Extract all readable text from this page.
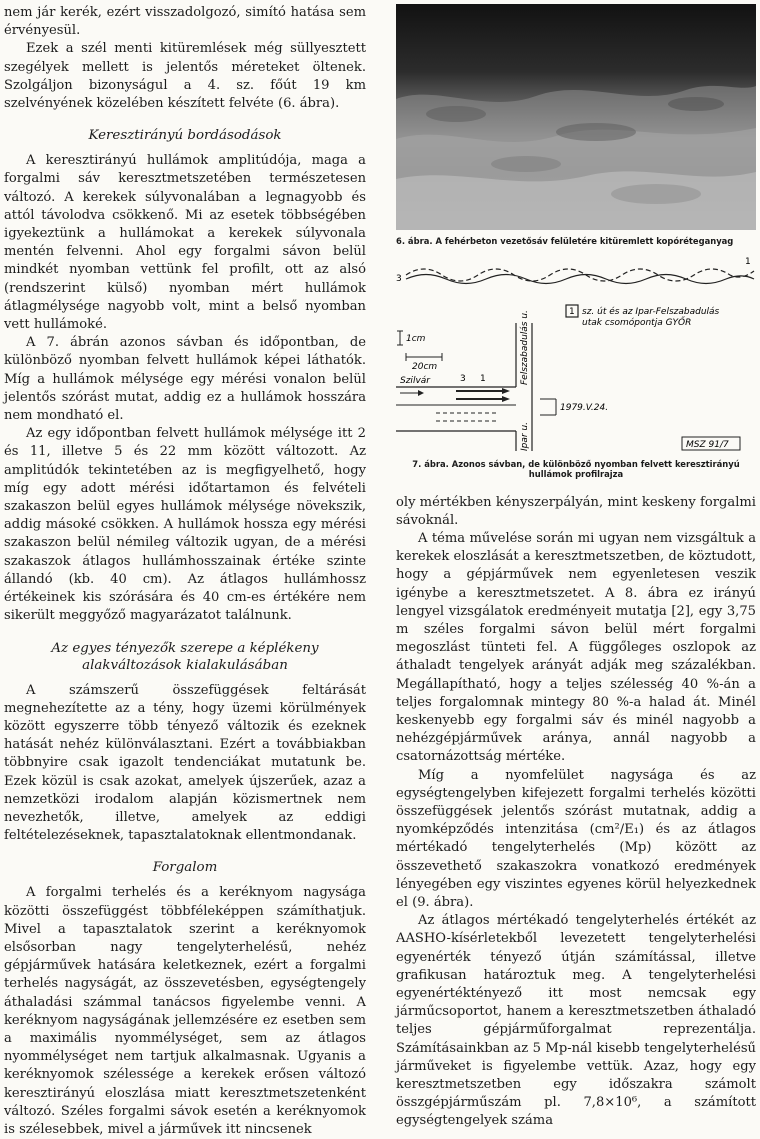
nem jár kerék, ezért visszadolgozó, simító hatása sem érvényesül.

Ezek a szél menti kitüremlések még süllyesztett szegélyek mellett is jelentős méreteket öltenek. Szolgáljon bizonyságul a 4. sz. főút 19 km szelvényének közelében készített felvéte (6. ábra).

Keresztirányú bordásodások

A keresztirányú hullámok amplitúdója, maga a forgalmi sáv keresztmetszetében természetesen változó. A kerekek súlyvonalában a legnagyobb és attól távolodva csökkenő. Mi az esetek többségében igyekeztünk a hullámokat a kerekek súlyvonala mentén felvenni. Ahol egy forgalmi sávon belül mindkét nyomban vettünk fel profilt, ott az alsó (rendszerint külső) nyomban mért hullámok átlagmélysége nagyobb volt, mint a belső nyomban vett hullámoké.

A 7. ábrán azonos sávban és időpontban, de különböző nyomban felvett hullámok képei láthatók. Míg a hullámok mélysége egy mérési vonalon belül jelentős szórást mutat, addig ez a hullámok hosszára nem mondható el.

Az egy időpontban felvett hullámok mélysége itt 2 és 11, illetve 5 és 22 mm között változott. Az amplitúdók tekintetében az is megfigyelhető, hogy míg egy adott mérési időtartamon és felvételi szakaszon belül egyes hullámok mélysége növekszik, addig másoké csökken. A hullámok hossza egy mérési szakaszon belül némileg változik ugyan, de a mérési szakaszok átlagos hullámhosszainak értéke szinte állandó (kb. 40 cm). Az átlagos hullámhossz értékeinek kis szórására és 40 cm-es értékére nem sikerült meggyőző magyarázatot találnunk.

Az egyes tényezők szerepe a képlékeny alakváltozások kialakulásában

A számszerű összefüggések feltárását megnehezítette az a tény, hogy üzemi körülmények között egyszerre több tényező változik és ezeknek hatását nehéz különválasztani. Ezért a továbbiakban többnyire csak igazolt tendenciákat mutatunk be. Ezek közül is csak azokat, amelyek újszerűek, azaz a nemzetközi irodalom alapján közismertnek nem nevezhetők, illetve, amelyek az eddigi feltételezéseknek, tapasztalatoknak ellentmondanak.

Forgalom

A forgalmi terhelés és a keréknyom nagysága közötti összefüggést többféleképpen számíthatjuk. Mivel a tapasztalatok szerint a keréknyomok elsősorban nagy tengelyterhelésű, nehéz gépjárművek hatására keletkeznek, ezért a forgalmi terhelés nagyságát, az összevetésben, egységtengely áthaladási számmal tanácsos figyelembe venni. A keréknyom nagyságának jellemzésére ez esetben sem a maximális nyommélységet, sem az átlagos nyommélységet nem tartjuk alkalmasnak. Ugyanis a keréknyomok szélessége a kerekek erősen változó keresztirányú eloszlása miatt keresztmetszetenként változó. Széles forgalmi sávok esetén a keréknyomok is szélesebbek, mivel a járművek itt nincsenek

6. ábra. A fehérbeton vezetősáv felületére kitüremlett kopóréteganyag

3
1
1 sz. út és az Ipar-Felszabadulás
utak csomópontja GYŐR
1cm
20cm
Szilvár	3 1	Felszabadulás u.
Ipar u.
1979.V.24.
MSZ 91/7

7. ábra. Azonos sávban, de különböző nyomban felvett keresztirányú hullámok profilrajza

oly mértékben kényszerpályán, mint keskeny forgalmi sávoknál.

A téma művelése során mi ugyan nem vizsgáltuk a kerekek eloszlását a keresztmetszetben, de köztudott, hogy a gépjárművek nem egyenletesen veszik igénybe a keresztmetszetet. A 8. ábra ez irányú lengyel vizsgálatok eredményeit mutatja [2], egy 3,75 m széles forgalmi sávon belül mért forgalmi megoszlást tünteti fel. A függőleges oszlopok az áthaladt tengelyek arányát adják meg százalékban. Megállapítható, hogy a teljes szélesség 40 %-án a teljes forgalomnak mintegy 80 %-a halad át. Minél keskenyebb egy forgalmi sáv és minél nagyobb a nehézgépjárművek aránya, annál nagyobb a csatornázottság mértéke.

Míg a nyomfelület nagysága és az egységtengelyben kifejezett forgalmi terhelés közötti összefüggések jelentős szórást mutatnak, addig a nyomképződés intenzitása (cm²/E₁) és az átlagos mértékadó tengelyterhelés (Mp) között az összevethető szakaszokra vonatkozó eredmények lényegében egy viszintes egyenes körül helyezkednek el (9. ábra).

Az átlagos mértékadó tengelyterhelés értékét az AASHO-kísérletekből levezetett tengelyterhelési egyenérték tényező útján számítással, illetve grafikusan határoztuk meg. A tengelyterhelési egyenértéktényező itt most nemcsak egy járműcsoportot, hanem a keresztmetszetben áthaladó teljes gépjárműforgalmat reprezentálja. Számításainkban az 5 Mp-nál kisebb tengelyterhelésű járműveket is figyelembe vettük. Azaz, hogy egy keresztmetszetben egy időszakra számolt összgépjárműszám pl. 7,8×10⁶, a számított egységtengelyek száma
